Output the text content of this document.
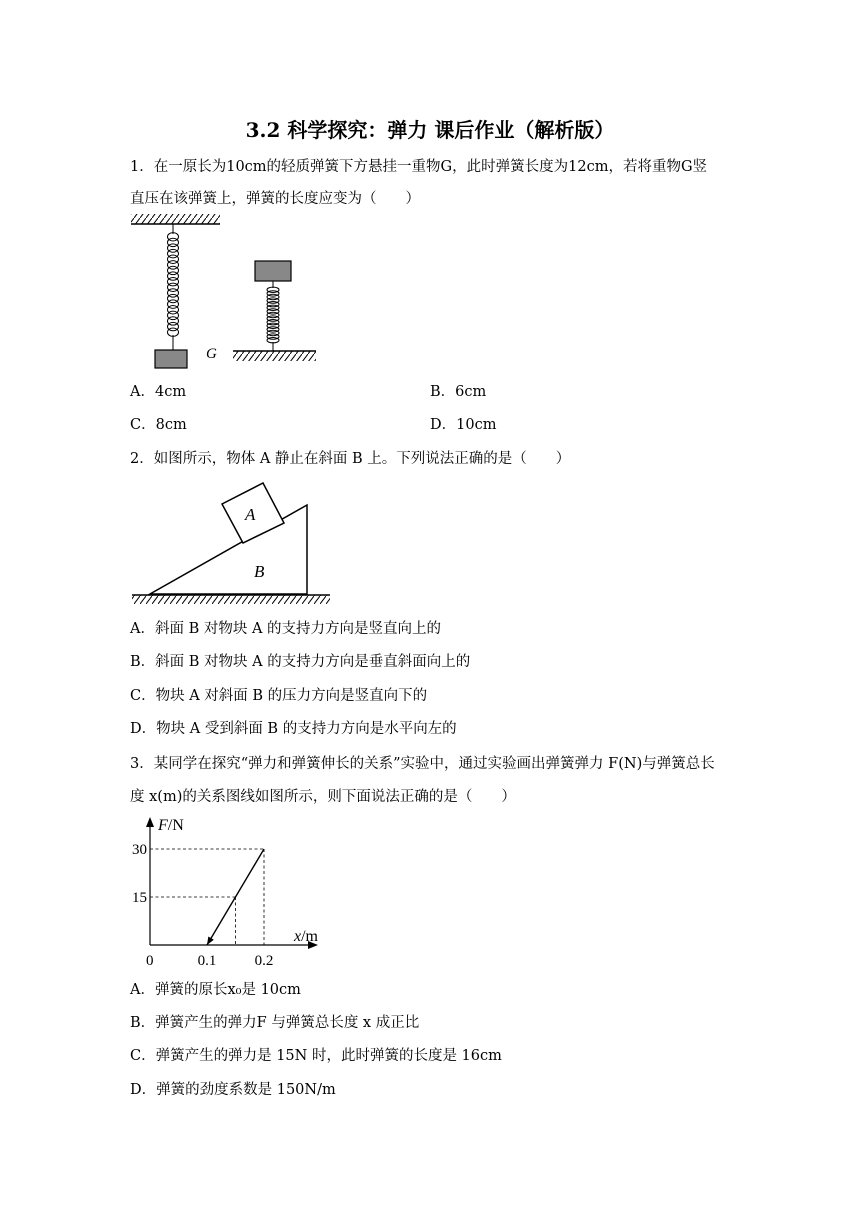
3.2 科学探究：弹力 课后作业（解析版）
1．在一原长为10cm的轻质弹簧下方悬挂一重物G，此时弹簧长度为12cm，若将重物G竖
直压在该弹簧上，弹簧的长度应变为（　　）
G
A．4cm	B．6cm
C．8cm	D．10cm
2．如图所示，物体 A 静止在斜面 B 上。下列说法正确的是（　　）
A
B
A．斜面 B 对物块 A 的支持力方向是竖直向上的
B．斜面 B 对物块 A 的支持力方向是垂直斜面向上的
C．物块 A 对斜面 B 的压力方向是竖直向下的
D．物块 A 受到斜面 B 的支持力方向是水平向左的
3．某同学在探究“弹力和弹簧伸长的关系”实验中，通过实验画出弹簧弹力 F(N)与弹簧总长
度 x(m)的关系图线如图所示，则下面说法正确的是（　　）
0.1	0.2
15
30
F/N
x/m
0
A．弹簧的原长x₀是 10cm
B．弹簧产生的弹力F 与弹簧总长度 x 成正比
C．弹簧产生的弹力是 15N 时，此时弹簧的长度是 16cm
D．弹簧的劲度系数是 150N/m
